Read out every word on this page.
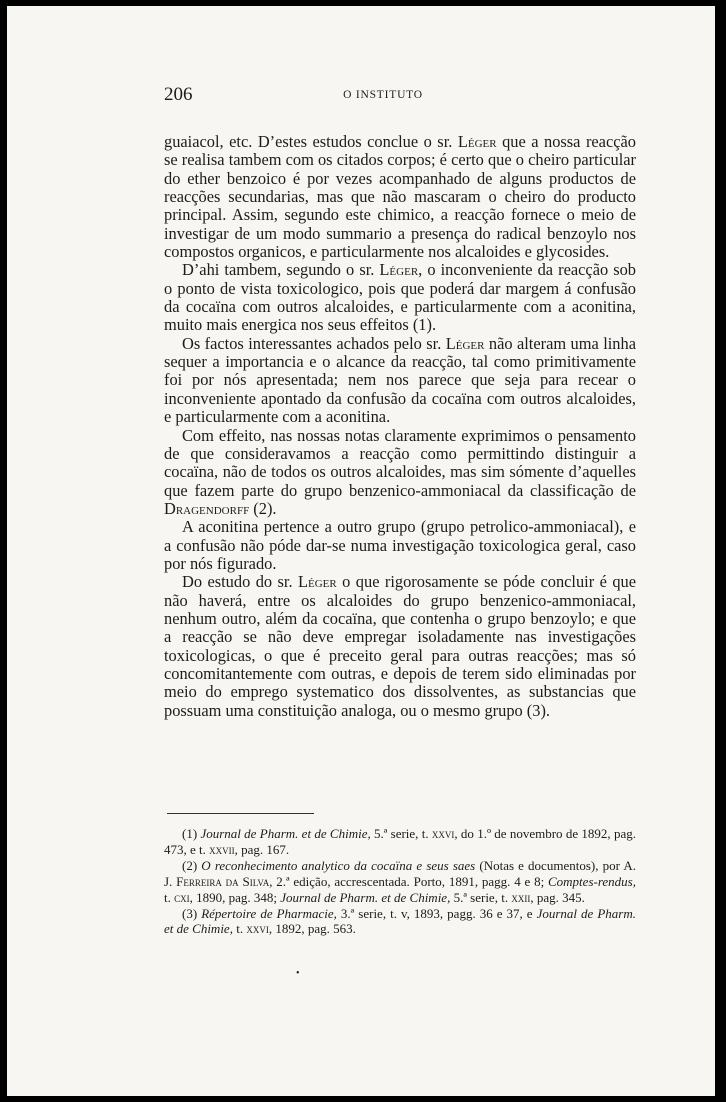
206	O INSTITUTO

guaiacol, etc. D’estes estudos conclue o sr. Léger que a nossa reacção se realisa tambem com os citados corpos; é certo que o cheiro particular do ether benzoico é por vezes acompanhado de alguns productos de reacções secundarias, mas que não mascaram o cheiro do producto principal. Assim, segundo este chimico, a reacção fornece o meio de investigar de um modo summario a presença do radical benzoylo nos compostos organicos, e particularmente nos alcaloides e glycosides.

D’ahi tambem, segundo o sr. Léger, o inconveniente da reacção sob o ponto de vista toxicologico, pois que poderá dar margem á confusão da cocaïna com outros alcaloides, e particularmente com a aconitina, muito mais energica nos seus effeitos (1).

Os factos interessantes achados pelo sr. Léger não alteram uma linha sequer a importancia e o alcance da reacção, tal como primitivamente foi por nós apresentada; nem nos parece que seja para recear o inconveniente apontado da confusão da cocaïna com outros alcaloides, e particularmente com a aconitina.

Com effeito, nas nossas notas claramente exprimimos o pensamento de que consideravamos a reacção como permittindo distinguir a cocaïna, não de todos os outros alcaloides, mas sim sómente d’aquelles que fazem parte do grupo benzenico-ammoniacal da classificação de Dragendorff (2).

A aconitina pertence a outro grupo (grupo petrolico-ammoniacal), e a confusão não póde dar-se numa investigação toxicologica geral, caso por nós figurado.

Do estudo do sr. Léger o que rigorosamente se póde concluir é que não haverá, entre os alcaloides do grupo benzenico-ammoniacal, nenhum outro, além da cocaïna, que contenha o grupo benzoylo; e que a reacção se não deve empregar isoladamente nas investigações toxicologicas, o que é preceito geral para outras reacções; mas só concomitantemente com outras, e depois de terem sido eliminadas por meio do emprego systematico dos dissolventes, as substancias que possuam uma constituição analoga, ou o mesmo grupo (3).

(1) Journal de Pharm. et de Chimie, 5.ª serie, t. xxvi, do 1.º de novembro de 1892, pag. 473, e t. xxvii, pag. 167.

(2) O reconhecimento analytico da cocaïna e seus saes (Notas e documentos), por A. J. Ferreira da Silva, 2.ª edição, accrescentada. Porto, 1891, pagg. 4 e 8; Comptes-rendus, t. cxi, 1890, pag. 348; Journal de Pharm. et de Chimie, 5.ª serie, t. xxii, pag. 345.

(3) Répertoire de Pharmacie, 3.ª serie, t. v, 1893, pagg. 36 e 37, e Journal de Pharm. et de Chimie, t. xxvi, 1892, pag. 563.

•
